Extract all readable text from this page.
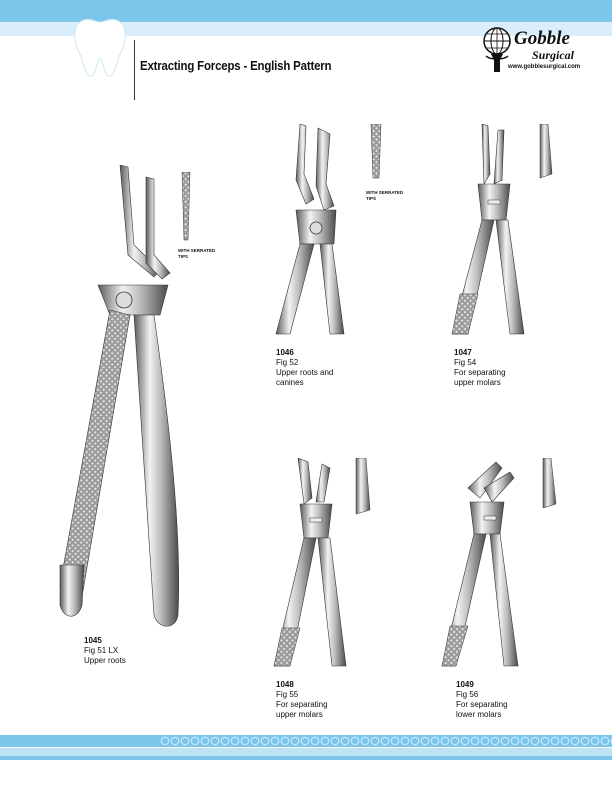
Extracting Forceps - English Pattern
Gobble
Surgical
www.gobblesurgical.com
WITH SERRATED
TIPS
WITH SERRATED
TIPS
1045
Fig 51 LX
Upper roots
1046
Fig 52
Upper roots and
canines
1047
Fig 54
For separating
upper molars
1048
Fig 55
For separating
upper molars
1049
Fig 56
For separating
lower molars
